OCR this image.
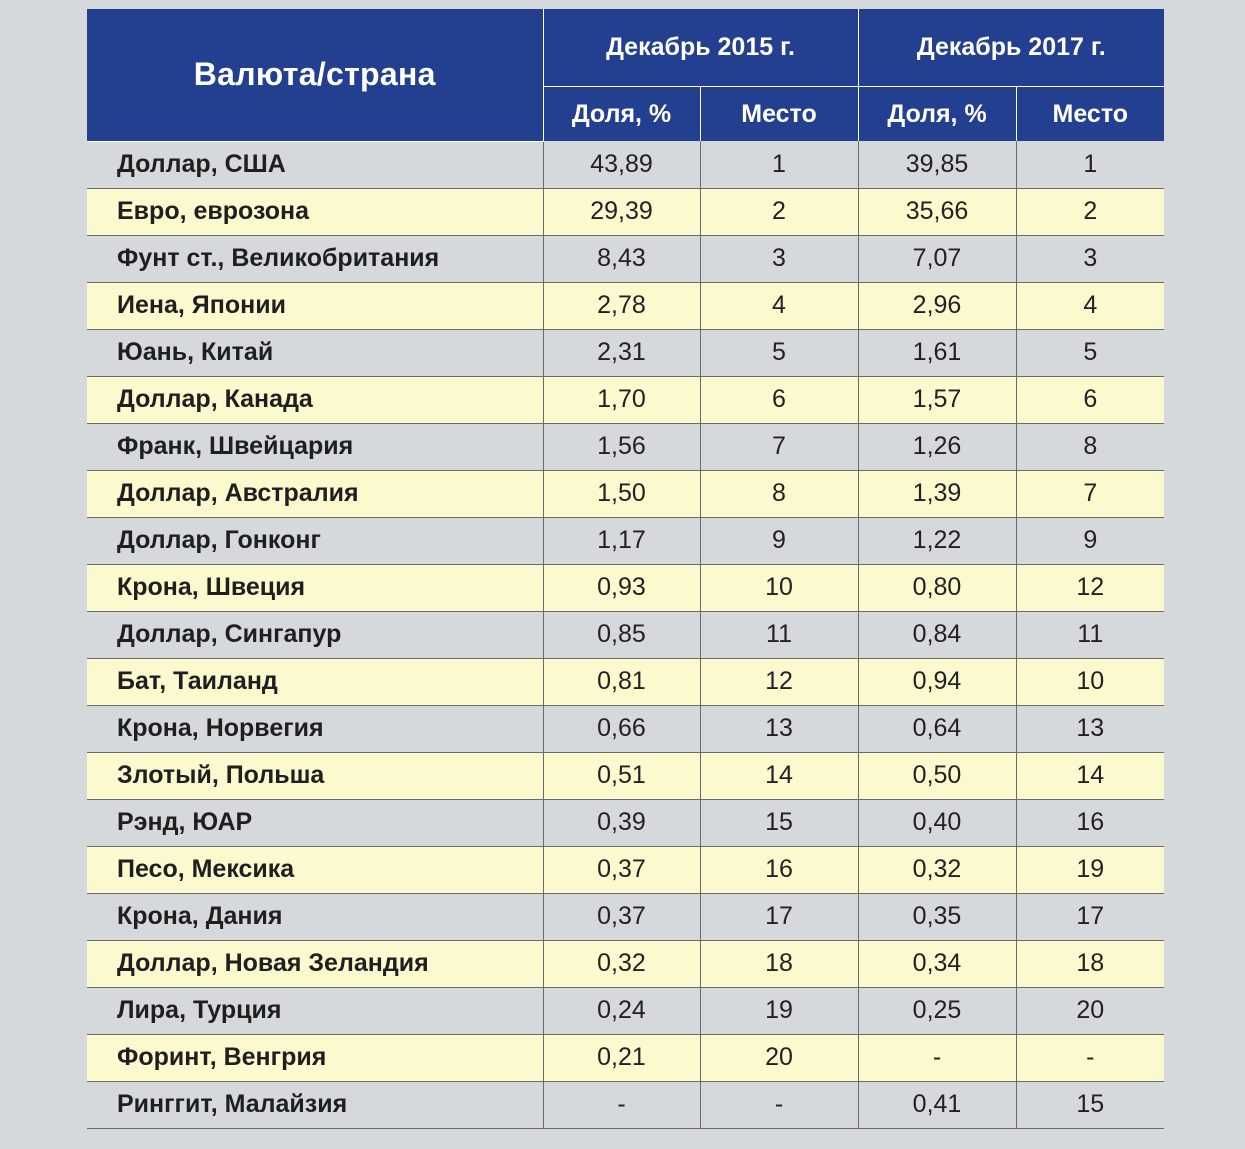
Валюта/страна	Декабрь 2015 г.		Декабрь 2017 г.	
	Доля, %	Место	Доля, %	Место
Доллар, США	43,89	1	39,85	1
Евро, еврозона	29,39	2	35,66	2
Фунт ст., Великобритания	8,43	3	7,07	3
Иена, Японии	2,78	4	2,96	4
Юань, Китай	2,31	5	1,61	5
Доллар, Канада	1,70	6	1,57	6
Франк, Швейцария	1,56	7	1,26	8
Доллар, Австралия	1,50	8	1,39	7
Доллар, Гонконг	1,17	9	1,22	9
Крона, Швеция	0,93	10	0,80	12
Доллар, Сингапур	0,85	11	0,84	11
Бат, Таиланд	0,81	12	0,94	10
Крона, Норвегия	0,66	13	0,64	13
Злотый, Польша	0,51	14	0,50	14
Рэнд, ЮАР	0,39	15	0,40	16
Песо, Мексика	0,37	16	0,32	19
Крона, Дания	0,37	17	0,35	17
Доллар, Новая Зеландия	0,32	18	0,34	18
Лира, Турция	0,24	19	0,25	20
Форинт, Венгрия	0,21	20	-	-
Ринггит, Малайзия	-	-	0,41	15
